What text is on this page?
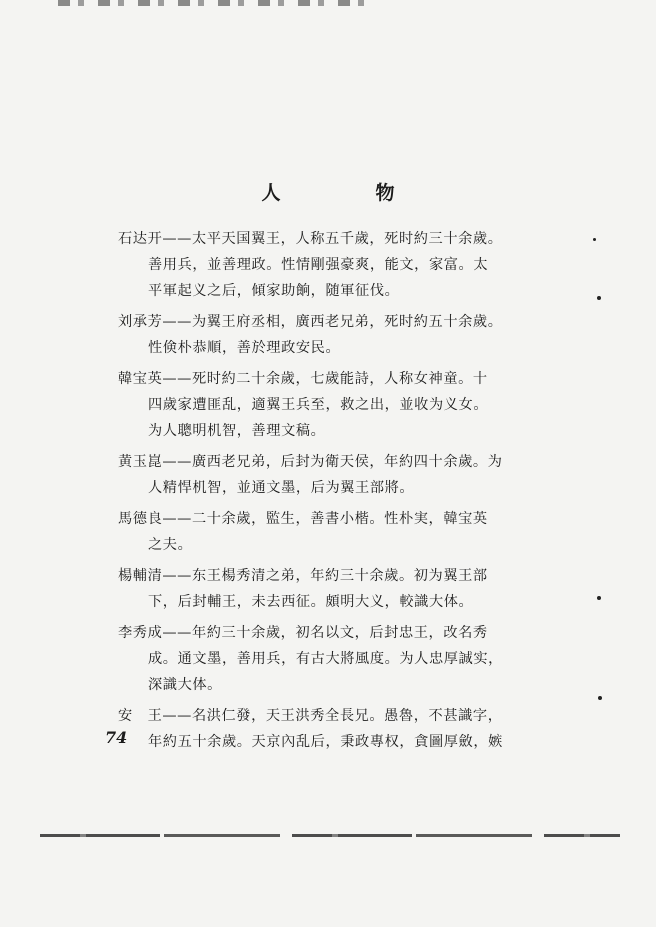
人　物
石达开——太平天国翼王，人称五千歲，死时約三十余歲。
善用兵，並善理政。性情剛强豪爽，能文，家富。太
平軍起义之后，傾家助餉，随軍征伐。
刘承芳——为翼王府丞相，廣西老兄弟，死时約五十余歲。
性倹朴恭順，善於理政安民。
韓宝英——死时約二十余歲，七歲能詩，人称女神童。十
四歲家遭匪乱，適翼王兵至，救之出，並收为义女。
为人聰明机智，善理文稿。
黄玉崑——廣西老兄弟，后封为衛天侯，年約四十余歲。为
人精悍机智，並通文墨，后为翼王部將。
馬德良——二十余歲，監生，善書小楷。性朴実，韓宝英
之夫。
楊輔清——东王楊秀清之弟，年約三十余歲。初为翼王部
下，后封輔王，未去西征。頗明大义，較識大体。
李秀成——年約三十余歲，初名以文，后封忠王，改名秀
成。通文墨，善用兵，有古大將風度。为人忠厚誠实，
深識大体。
安　王——名洪仁發，天王洪秀全長兄。愚魯，不甚識字，
年約五十余歲。天京內乱后，秉政專权，貪圖厚斂，嫉
74
